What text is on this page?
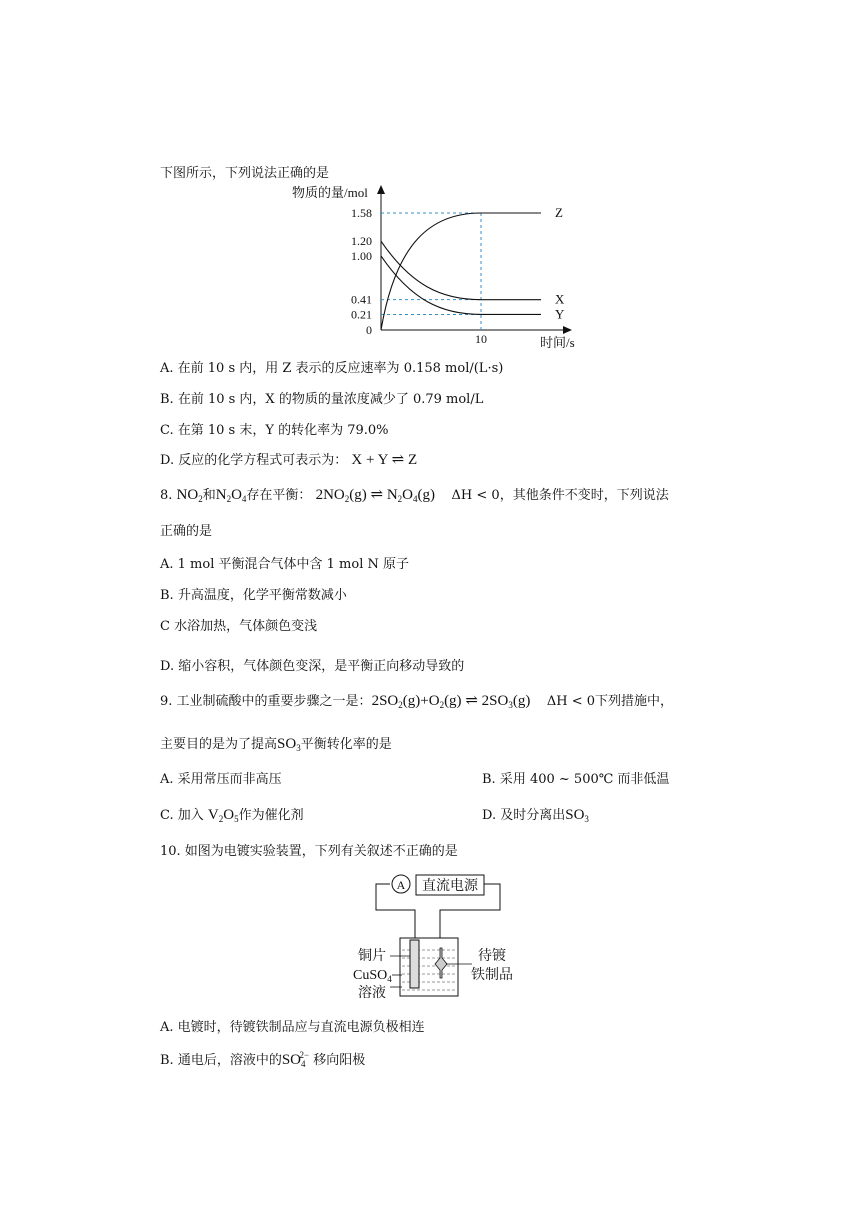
下图所示，下列说法正确的是
物质的量/mol
时间/s
1.58
1.20
1.00
0.41
0.21
0
10
Z
X
Y
A. 在前 10 s 内，用 Z 表示的反应速率为 0.158 mol/(L·s)
B. 在前 10 s 内，X 的物质的量浓度减少了 0.79 mol/L
C. 在第 10 s 末，Y 的转化率为 79.0%
D. 反应的化学方程式可表示为： X + Y ⇌ Z
8. $NO_2$和$N_2O_4$存在平衡： $2NO_2(g)$ ⇌ $N_2O_4(g) \Delta H < 0$，其他条件不变时，下列说法
正确的是
A. 1 mol 平衡混合气体中含 1 mol N 原子
B. 升高温度，化学平衡常数减小
C 水浴加热，气体颜色变浅
D. 缩小容积，气体颜色变深，是平衡正向移动导致的
9. 工业制硫酸中的重要步骤之一是：$2SO_2(g)+O_2(g)$ ⇌ $2SO_3(g) \Delta H < 0$下列措施中，
主要目的是为了提高$SO_3$平衡转化率的是
A. 采用常压而非高压	B. 采用 400 ~ 500℃ 而非低温
C. 加入 $V_2O_5$作为催化剂	D. 及时分离出$SO_3$
10. 如图为电镀实验装置，下列有关叙述不正确的是
A 直流电源
铜片
CuSO$_4$
溶液
待镀
铁制品
A. 电镀时，待镀铁制品应与直流电源负极相连
B. 通电后，溶液中的$SO_4^{2-}$ 移向阳极
